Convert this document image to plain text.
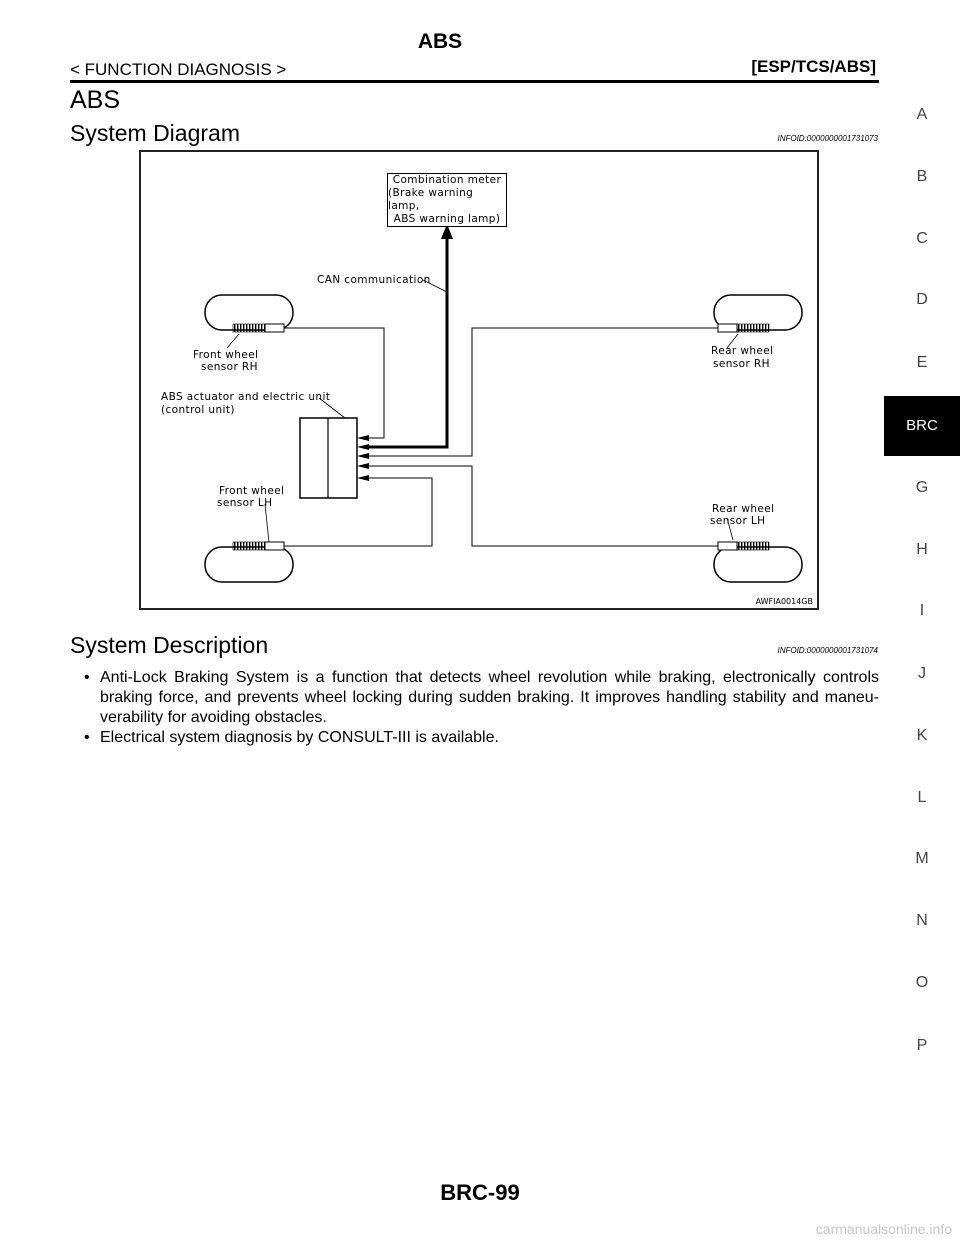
ABS
< FUNCTION DIAGNOSIS >	[ESP/TCS/ABS]
ABS
System Diagram	INFOID:0000000001731073
Combination meter
(Brake warning lamp,
ABS warning lamp)
CAN communication
Front wheel
sensor RH
Rear wheel
sensor RH
ABS actuator and electric unit
(control unit)
Front wheel
sensor LH	Rear wheel
sensor LH
AWFIA0014GB
System Description	INFOID:0000000001731074
• Anti-Lock Braking System is a function that detects wheel revolution while braking, electronically controls braking force, and prevents wheel locking during sudden braking. It improves handling stability and maneu-verability for avoiding obstacles.
• Electrical system diagnosis by CONSULT-III is available.
A
B
C
D
E
BRC
G
H
I
J
K
L
M
N
O
P
BRC-99
carmanualsonline.info
